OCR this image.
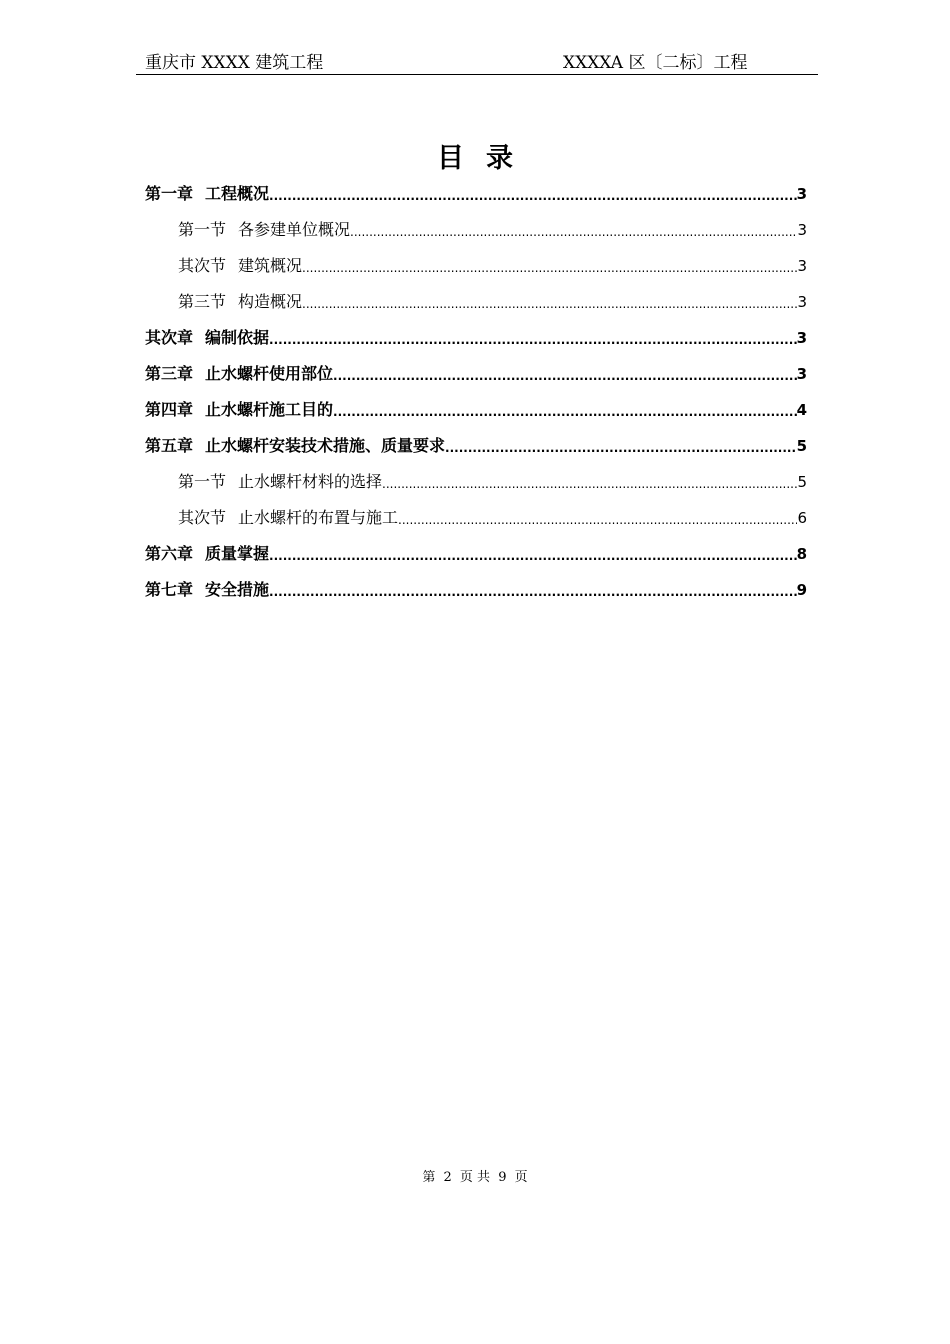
重庆市 XXXX 建筑工程	XXXXA 区〔二标〕工程
目录
第一章 工程概况 .....	3
第一节 各参建单位概况 .....	3
其次节 建筑概况 .....	3
第三节 构造概况 .....	3
其次章 编制依据 .....	3
第三章 止水螺杆使用部位 .....	3
第四章 止水螺杆施工目的 .....	4
第五章 止水螺杆安装技术措施、质量要求 .....	5
第一节 止水螺杆材料的选择 .....	5
其次节 止水螺杆的布置与施工 .....	6
第六章 质量掌握 .....	8
第七章 安全措施 .....	9
第 2 页 共 9 页
